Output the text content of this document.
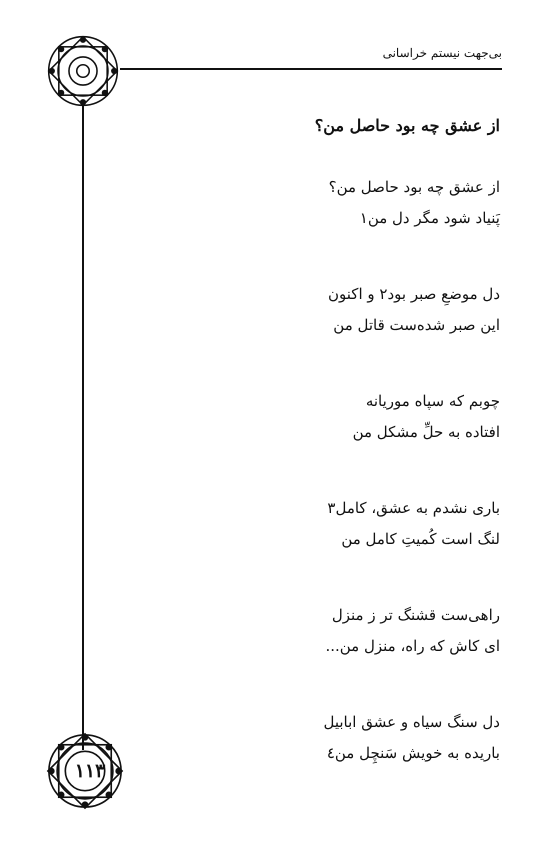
بی‌جهت نیستم خراسانی
۱۱۳
از عشق چه بود حاصل من؟
از عشق چه بود حاصل من؟
پَنیاد شود مگر دل من۱
دل موضعِ صبر بود۲ و اکنون
این صبر شده‌ست قاتل من
چوبم که سپاه موریانه
افتاده به حلِّ مشکل من
باری نشدم به عشق، کامل۳
لنگ است کُمیتِ کامل من
راهی‌ست قشنگ تر ز منزل
ای کاش که راه، منزل من...
دل سنگ سیاه و عشق ابابیل
باریده به خویش سَنچِل من٤
